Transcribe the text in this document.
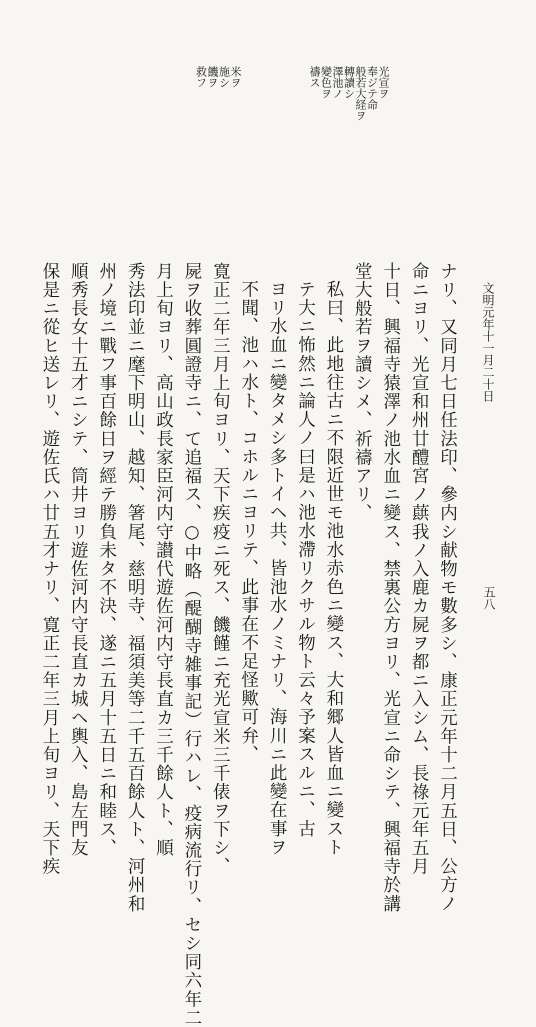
文明元年十一月二十日
五八
光宣ヲ
奉ジテ命
般若大経ヲ
轉讀シ
澤池ノ
變色ヲ
禱ス
米ヲ
施シ
饑ヲ
救フ
ナリ、又同月七日任法印、參内シ献物モ數多シ、康正元年十二月五日、公方ノ
命ニヨリ、光宣和州廿醴宮ノ蕻我ノ入鹿カ屍ヲ都ニ入シム、長祿元年五月
十日、興福寺猿澤ノ池水血ニ變ス、禁裏公方ヨリ、光宣ニ命シテ、興福寺於講
堂大般若ヲ讀シメ、祈禱アリ、
私曰、此地往古ニ不限近世モ池水赤色ニ變ス、大和郷人皆血ニ變スト
テ大ニ怖然ニ論人ノ曰是ハ池水滯リクサル物ト云々予案スルニ、古
ヨリ水血ニ變タメシ多トイヘ共、皆池水ノミナリ、海川ニ此變在事ヲ
不聞、池ハ水ト、コホルニヨリテ、此事在不足怪歟可弁、
寛正二年三月上旬ヨリ、天下疾疫ニ死ス、饑饉ニ充光宣米三千俵ヲ下シ、
屍ヲ收葬圓證寺ニ、て追福ス、○中略（醍醐寺雑事記）行ハレ、疫病流行リ、セシ同六年二
月上旬ヨリ、高山政長家臣河内守讃代遊佐河内守長直カ三千餘人ト、順
秀法印並ニ麾下明山、越知、箸尾、慈明寺、福須美等二千五百餘人ト、河州和
州ノ境ニ戰フ事百餘日ヲ經テ勝負未タ不決、遂ニ五月十五日ニ和睦ス、
順秀長女十五才ニシテ、筒井ヨリ遊佐河内守長直カ城ヘ輿入、島左門友
保是ニ從ヒ送レリ、遊佐氏ハ廿五才ナリ、寛正二年三月上旬ヨリ、天下疾
